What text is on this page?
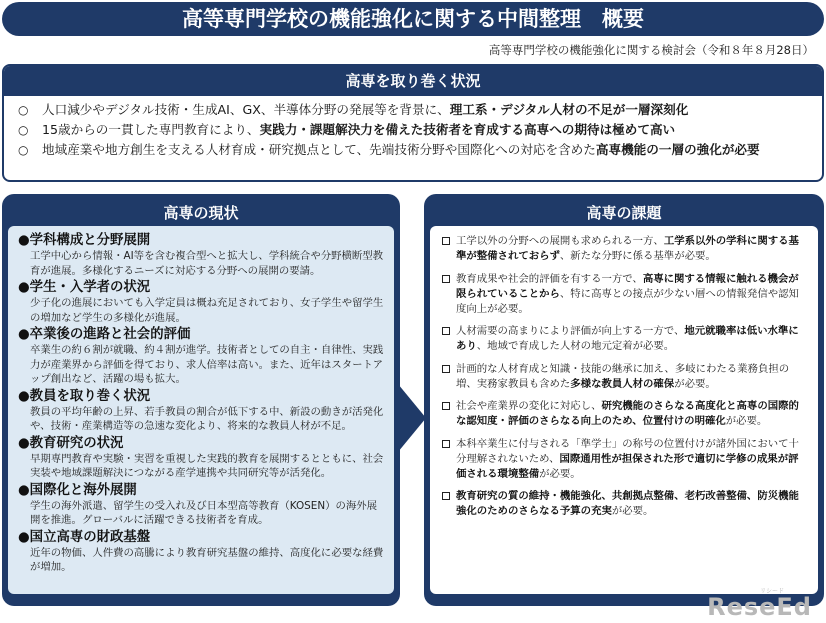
高等専門学校の機能強化に関する中間整理　概要
高等専門学校の機能強化に関する検討会（令和８年８月28日）
高専を取り巻く状況
○ 人口減少やデジタル技術・生成AI、GX、半導体分野の発展等を背景に、理工系・デジタル人材の不足が一層深刻化
○ 15歳からの一貫した専門教育により、実践力・課題解決力を備えた技術者を育成する高専への期待は極めて高い
○ 地域産業や地方創生を支える人材育成・研究拠点として、先端技術分野や国際化への対応を含めた高専機能の一層の強化が必要
高専の現状
●学科構成と分野展開

工学中心から情報・AI等を含む複合型へと拡大し、学科統合や分野横断型教育が進展。多様化するニーズに対応する分野への展開の要請。

●学生・入学者の状況

少子化の進展においても入学定員は概ね充足されており、女子学生や留学生の増加など学生の多様化が進展。

●卒業後の進路と社会的評価

卒業生の約６割が就職、約４割が進学。技術者としての自主・自律性、実践力が産業界から評価を得ており、求人倍率は高い。また、近年はスタートアップ創出など、活躍の場も拡大。

●教員を取り巻く状況

教員の平均年齢の上昇、若手教員の割合が低下する中、新設の動きが活発化や、技術・産業構造等の急速な変化より、将来的な教員人材が不足。

●教育研究の状況

早期専門教育や実験・実習を重視した実践的教育を展開するとともに、社会実装や地域課題解決につながる産学連携や共同研究等が活発化。

●国際化と海外展開

学生の海外派遣、留学生の受入れ及び日本型高等教育（KOSEN）の海外展開を推進。グローバルに活躍できる技術者を育成。

●国立高専の財政基盤

近年の物価、人件費の高騰により教育研究基盤の維持、高度化に必要な経費が増加。

高専の課題
工学以外の分野への展開も求められる一方、工学系以外の学科に関する基準が整備されておらず、新たな分野に係る基準が必要。
教育成果や社会的評価を有する一方で、高専に関する情報に触れる機会が限られていることから、特に高専との接点が少ない層への情報発信や認知度向上が必要。
人材需要の高まりにより評価が向上する一方で、地元就職率は低い水準にあり、地域で育成した人材の地元定着が必要。
計画的な人材育成と知識・技能の継承に加え、多岐にわたる業務負担の増、実務家教員も含めた多様な教員人材の確保が必要。
社会や産業界の変化に対応し、研究機能のさらなる高度化と高専の国際的な認知度・評価のさらなる向上のため、位置付けの明確化が必要。
本科卒業生に付与される「準学士」の称号の位置付けが諸外国において十分理解されないため、国際通用性が担保された形で適切に学修の成果が評価される環境整備が必要。
教育研究の質の維持・機能強化、共創拠点整備、老朽改善整備、防災機能強化のためのさらなる予算の充実が必要。
リシード
ReseEd
